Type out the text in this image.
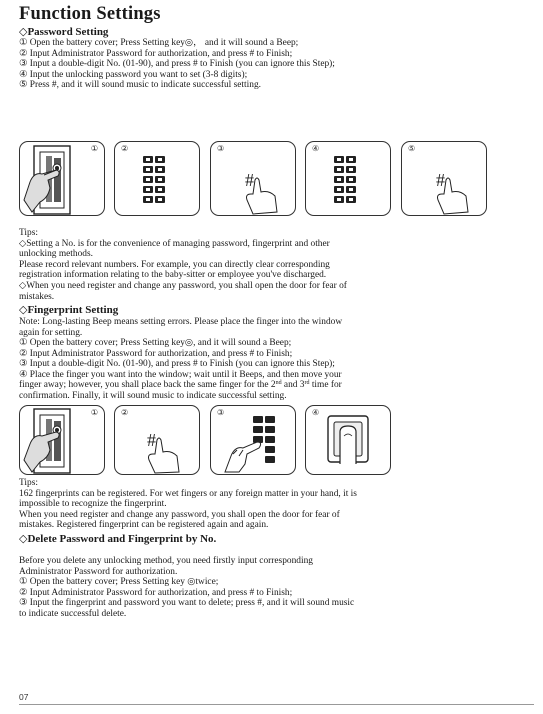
Function Settings
◇Password Setting
① Open the battery cover; Press Setting key◎， and it will sound a Beep;
② Input Administrator Password for authorization, and press # to Finish;
③ Input a double-digit No. (01-90), and press # to Finish (you can ignore this Step);
④ Input the unlocking password you want to set (3-8 digits);
⑤ Press #, and it will sound music to indicate successful setting.
①	②
#
③	④
#
⑤
Tips:
◇Setting a No. is for the convenience of managing password, fingerprint and other
unlocking methods.
Please record relevant numbers. For example, you can directly clear corresponding
registration information relating to the baby-sitter or employee you've discharged.
◇When you need register and change any password, you shall open the door for fear of
mistakes.
◇Fingerprint Setting
Note: Long-lasting Beep means setting errors. Please place the finger into the window
again for setting.
① Open the battery cover; Press Setting key◎, and it will sound a Beep;
② Input Administrator Password for authorization, and press # to Finish;
③ Input a double-digit No. (01-90), and press # to Finish (you can ignore this Step);
④ Place the finger you want into the window; wait until it Beeps, and then move your
finger away; however, you shall place back the same finger for the 2nd and 3rd time for
confirmation. Finally, it will sound music to indicate successful setting.
①
#
②	③	④
Tips:
162 fingerprints can be registered. For wet fingers or any foreign matter in your hand, it is
impossible to recognize the fingerprint.
When you need register and change any password, you shall open the door for fear of
mistakes. Registered fingerprint can be registered again and again.
◇Delete Password and Fingerprint by No.
Before you delete any unlocking method, you need firstly input corresponding
Administrator Password for authorization.
① Open the battery cover; Press Setting key ◎twice;
② Input Administrator Password for authorization, and press # to Finish;
③ Input the fingerprint and password you want to delete; press #, and it will sound music
to indicate successful delete.
07
